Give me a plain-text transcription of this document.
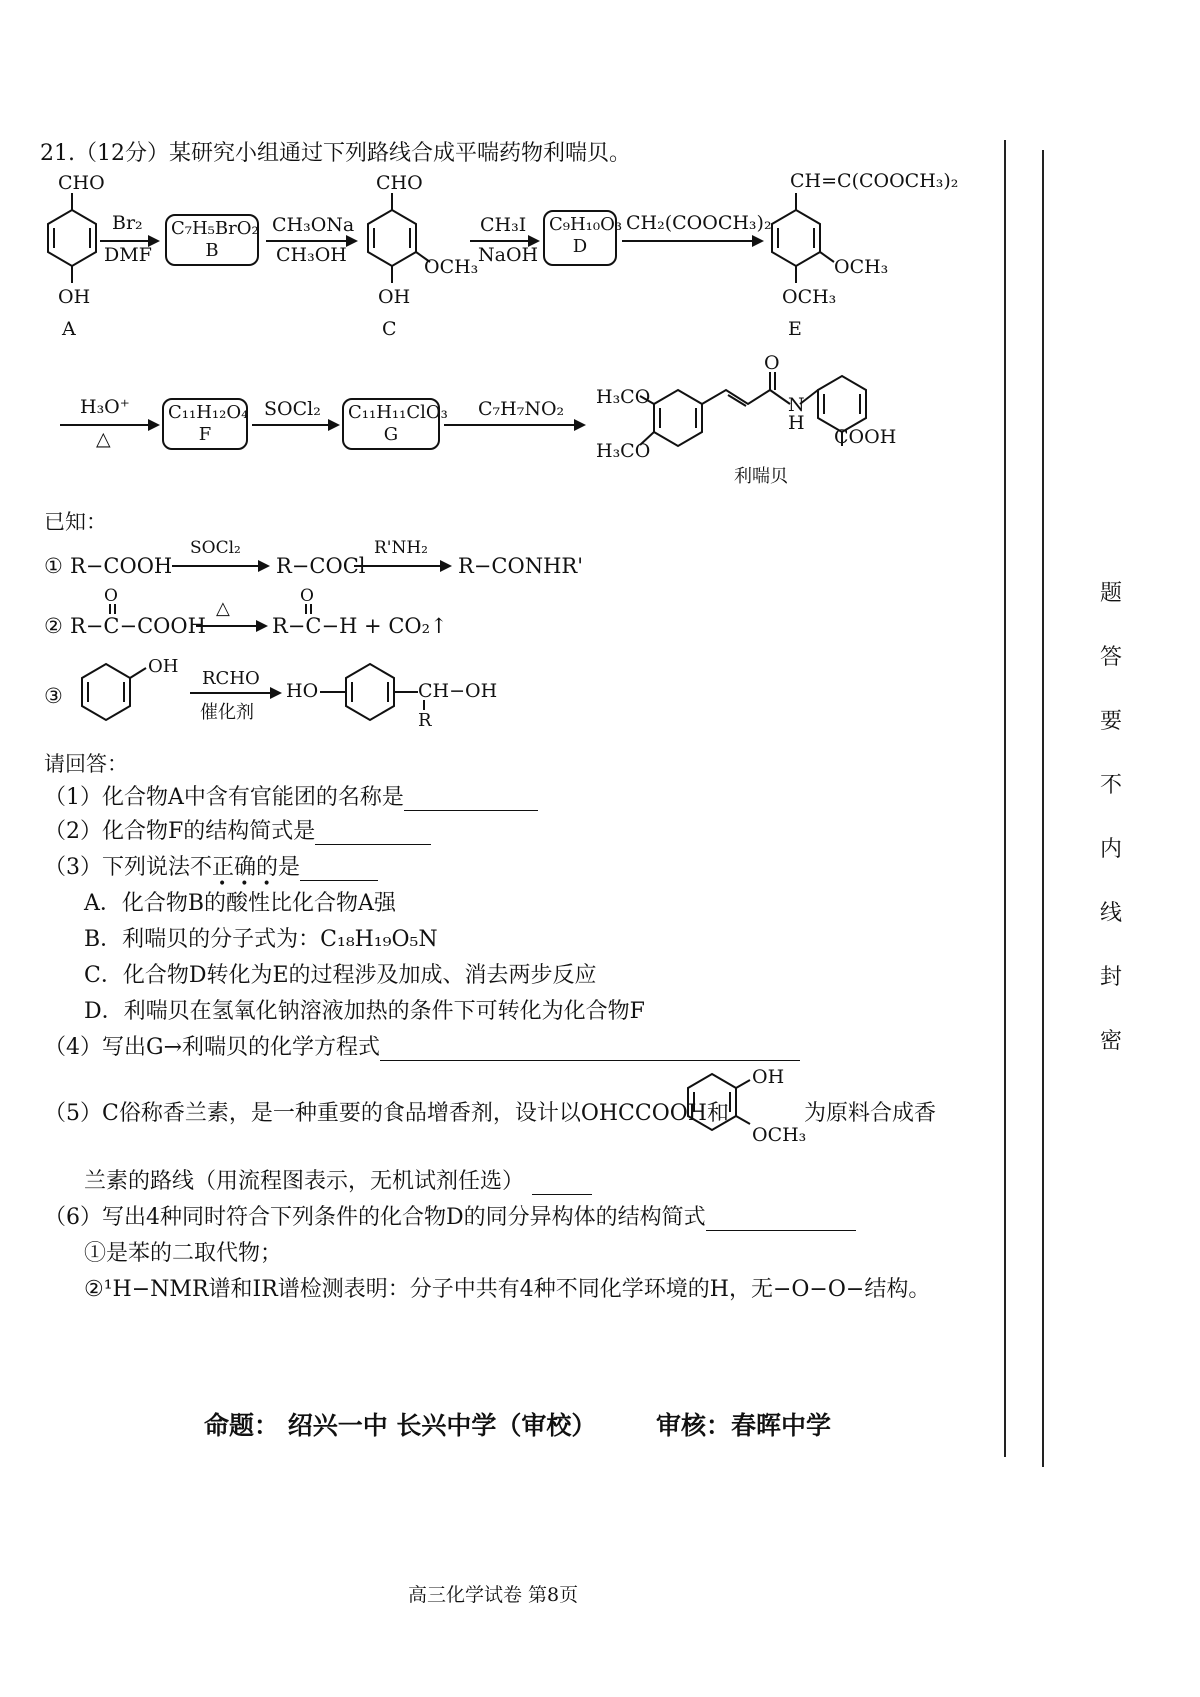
21.（12分）某研究小组通过下列路线合成平喘药物利喘贝。
CHO
OH
A
Br₂
DMF
C₇H₅BrO₂
B
CH₃ONa
CH₃OH
CHO
OCH₃
OH
C
CH₃I
NaOH
C₉H₁₀O₃
D
CH₂(COOCH₃)₂
CH=C(COOCH₃)₂
OCH₃
OCH₃
E
H₃O⁺
△
C₁₁H₁₂O₄
F
SOCl₂ C₁₁H₁₁ClO₃
G
C₇H₇NO₂
H₃CO
H₃CO
O
N
H
COOH
利喘贝
已知：
① R−COOH
SOCl₂
R−COCl
R'NH₂
R−CONHR'
O
② R−C−COOH
△
O
R−C−H + CO₂↑
③
OH
RCHO
催化剂
HO	CH−OH
R
请回答：
（1）化合物A中含有官能团的名称是
（2）化合物F的结构简式是
（3）下列说法不正确的是
•••
A．化合物B的酸性比化合物A强
B．利喘贝的分子式为：C₁₈H₁₉O₅N
C．化合物D转化为E的过程涉及加成、消去两步反应
D．利喘贝在氢氧化钠溶液加热的条件下可转化为化合物F
（4）写出G→利喘贝的化学方程式
（5）C俗称香兰素，是一种重要的食品增香剂，设计以OHCCOOH和
OH
OCH₃
为原料合成香
兰素的路线（用流程图表示，无机试剂任选）
（6）写出4种同时符合下列条件的化合物D的同分异构体的结构简式
①是苯的二取代物；
②¹H−NMR谱和IR谱检测表明：分子中共有4种不同化学环境的H，无−O−O−结构。
命题： 绍兴一中 长兴中学（审校） 审核：春晖中学
高三化学试卷 第8页
题
答
要
不
内
线
封
密
